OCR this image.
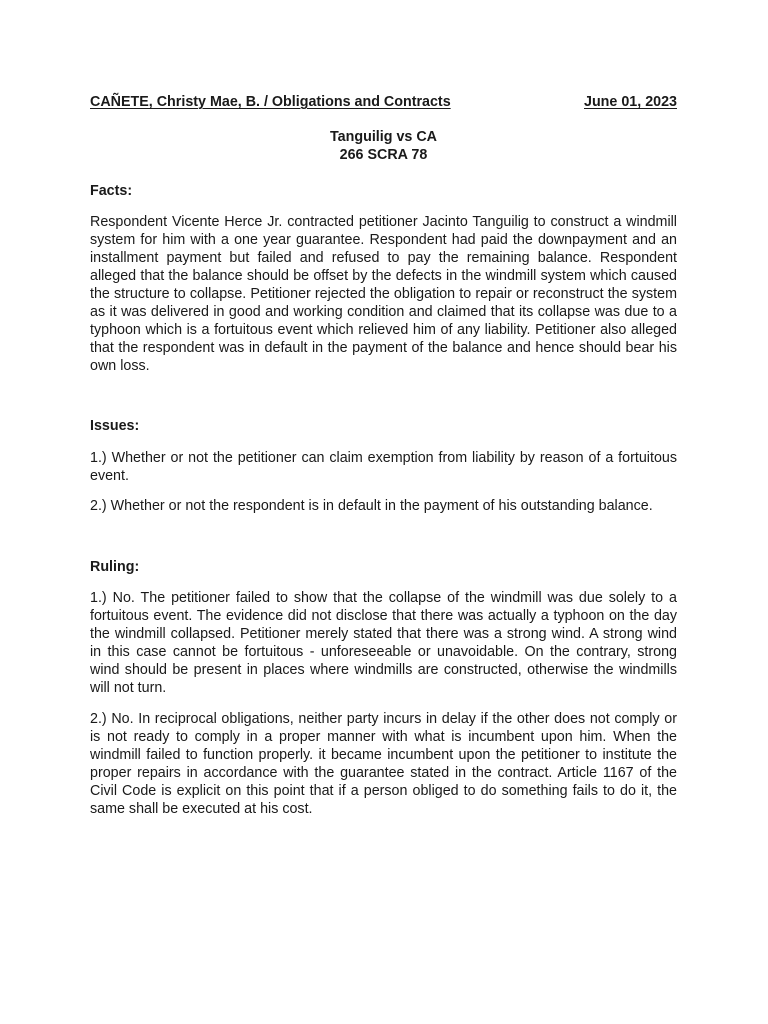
CAÑETE, Christy Mae, B. / Obligations and Contracts	June 01, 2023
Tanguilig vs CA
266 SCRA 78
Facts:
Respondent Vicente Herce Jr. contracted petitioner Jacinto Tanguilig to construct a windmill system for him with a one year guarantee. Respondent had paid the downpayment and an installment payment but failed and refused to pay the remaining balance. Respondent alleged that the balance should be offset by the defects in the windmill system which caused the structure to collapse. Petitioner rejected the obligation to repair or reconstruct the system as it was delivered in good and working condition and claimed that its collapse was due to a typhoon which is a fortuitous event which relieved him of any liability. Petitioner also alleged that the respondent was in default in the payment of the balance and hence should bear his own loss.
Issues:
1.) Whether or not the petitioner can claim exemption from liability by reason of a fortuitous event.
2.) Whether or not the respondent is in default in the payment of his outstanding balance.
Ruling:
1.) No. The petitioner failed to show that the collapse of the windmill was due solely to a fortuitous event. The evidence did not disclose that there was actually a typhoon on the day the windmill collapsed. Petitioner merely stated that there was a strong wind. A strong wind in this case cannot be fortuitous - unforeseeable or unavoidable. On the contrary, strong wind should be present in places where windmills are constructed, otherwise the windmills will not turn.
2.) No. In reciprocal obligations, neither party incurs in delay if the other does not comply or is not ready to comply in a proper manner with what is incumbent upon him. When the windmill failed to function properly. it became incumbent upon the petitioner to institute the proper repairs in accordance with the guarantee stated in the contract. Article 1167 of the Civil Code is explicit on this point that if a person obliged to do something fails to do it, the same shall be executed at his cost.
